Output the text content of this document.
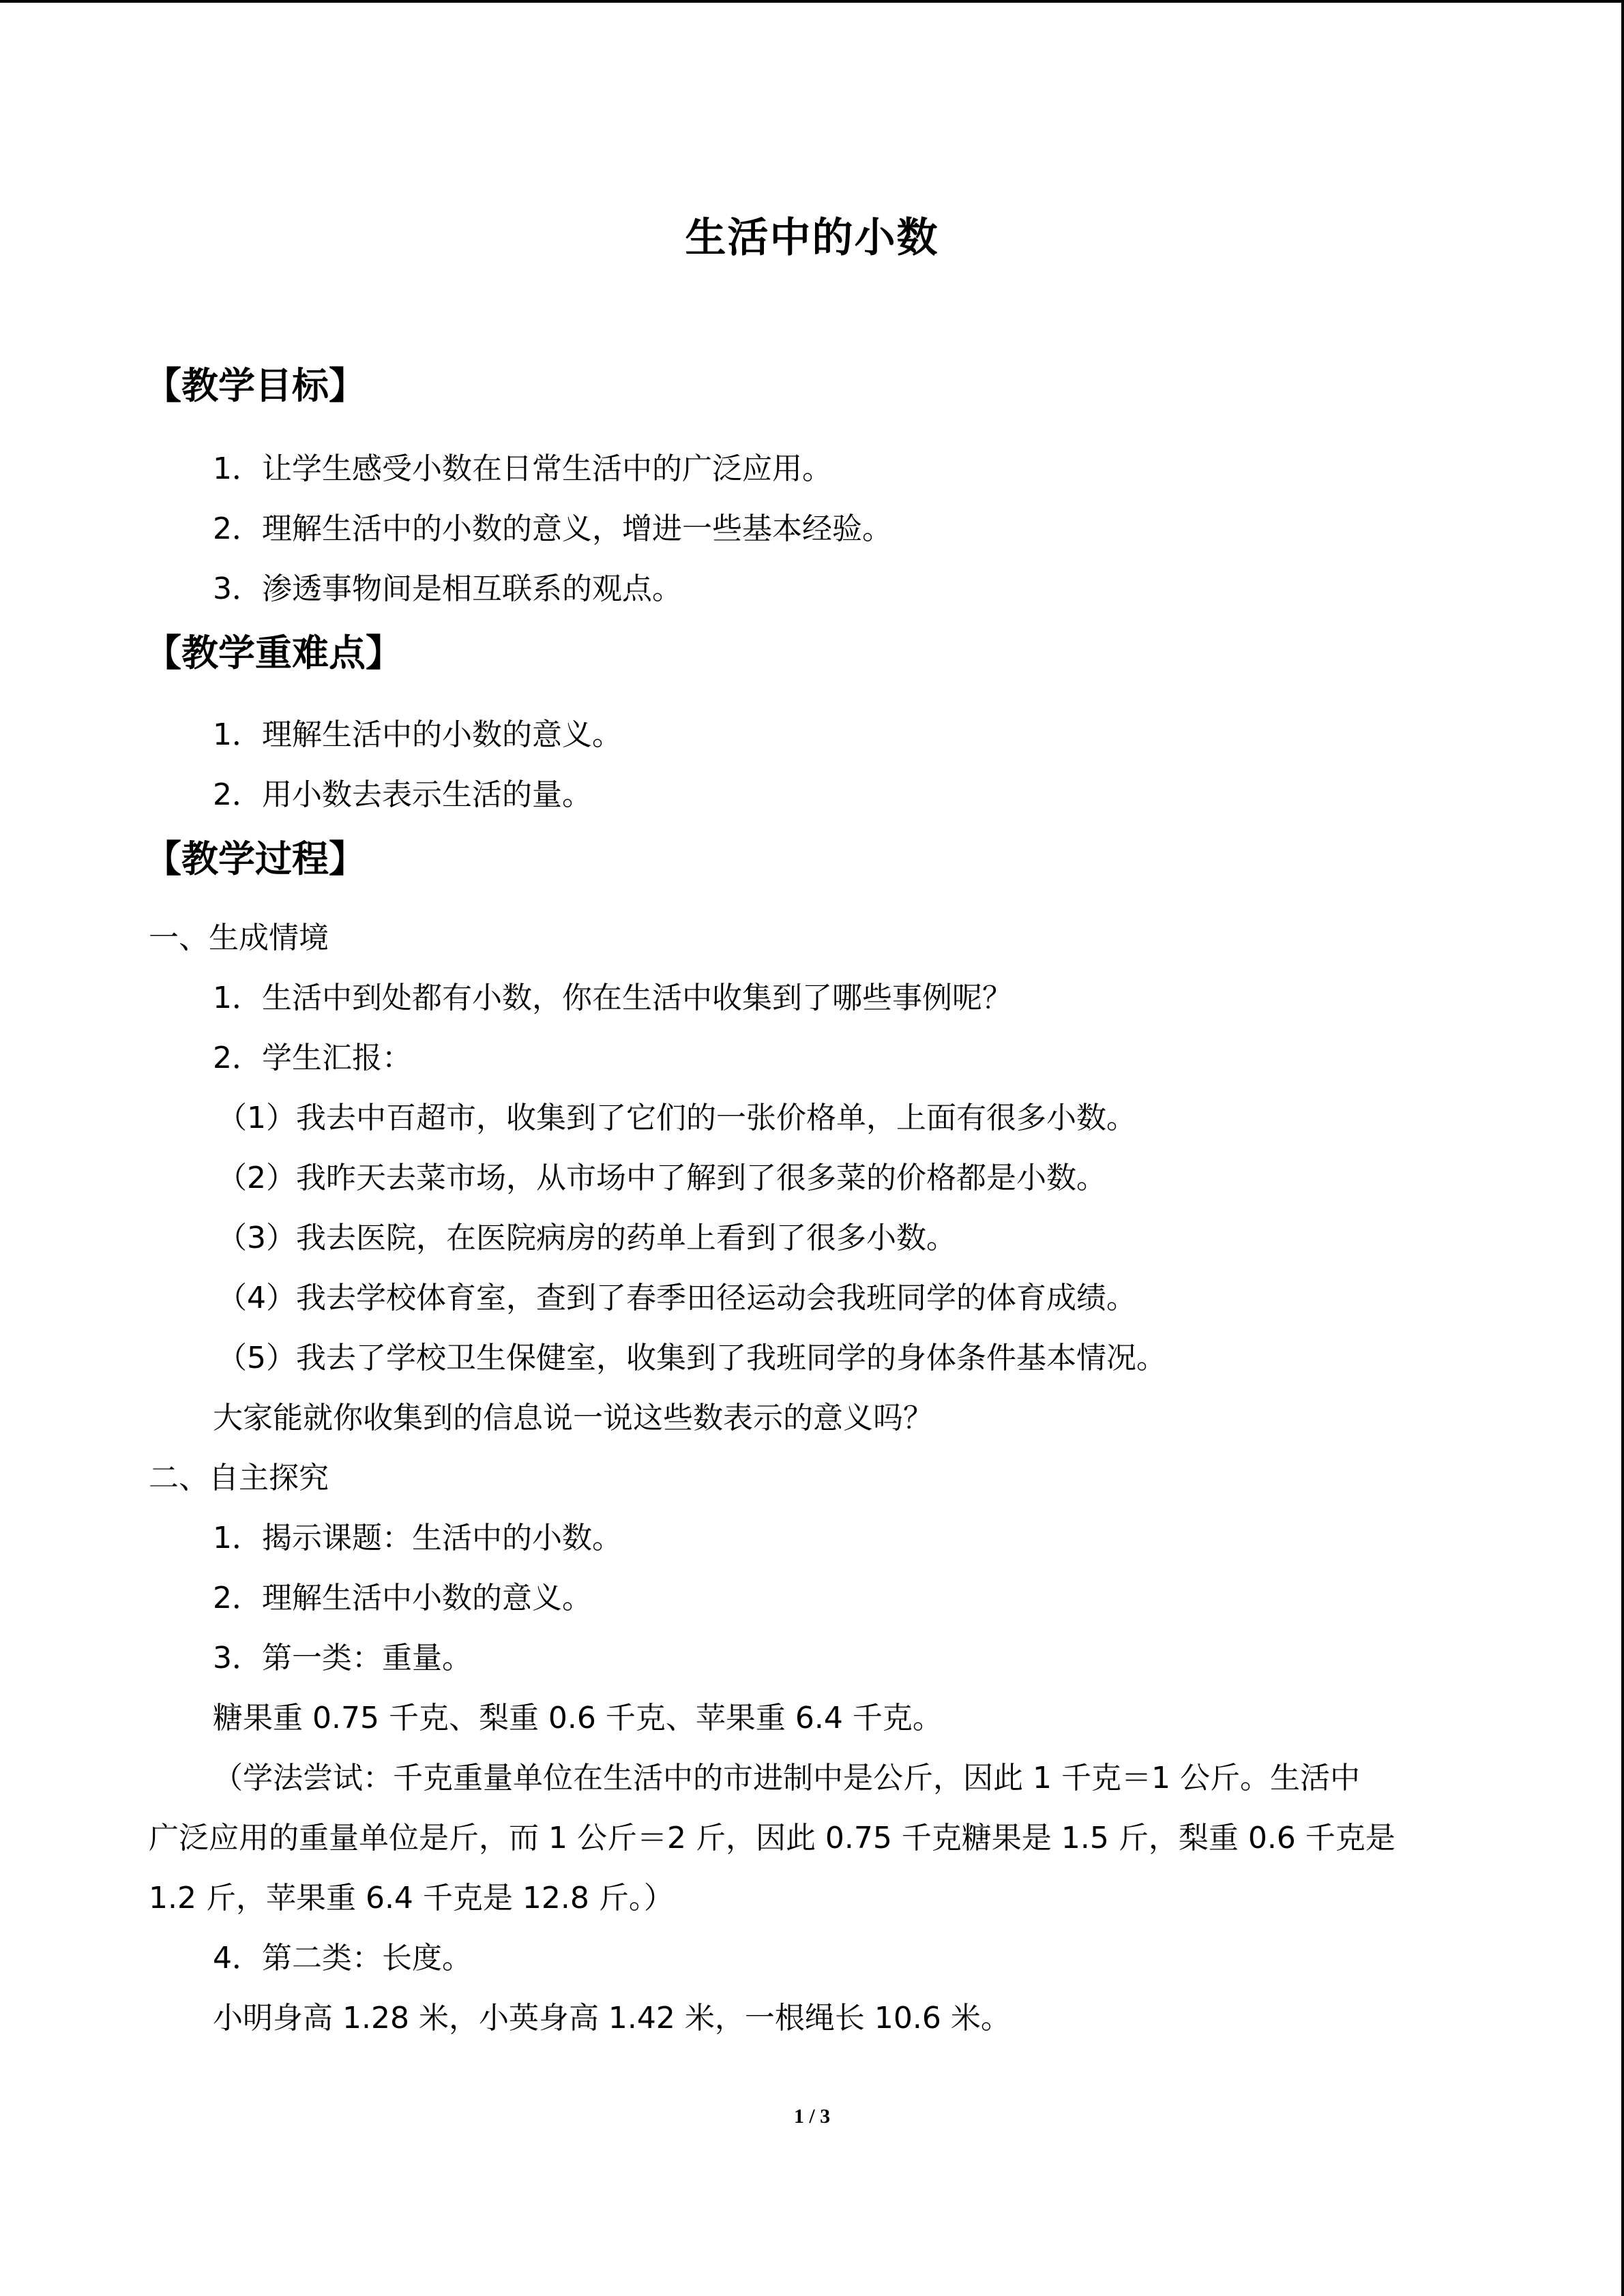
生活中的小数
【教学目标】
1．让学生感受小数在日常生活中的广泛应用。
2．理解生活中的小数的意义，增进一些基本经验。
3．渗透事物间是相互联系的观点。
【教学重难点】
1．理解生活中的小数的意义。
2．用小数去表示生活的量。
【教学过程】
一、生成情境
1．生活中到处都有小数，你在生活中收集到了哪些事例呢？
2．学生汇报：
（1）我去中百超市，收集到了它们的一张价格单，上面有很多小数。
（2）我昨天去菜市场，从市场中了解到了很多菜的价格都是小数。
（3）我去医院，在医院病房的药单上看到了很多小数。
（4）我去学校体育室，查到了春季田径运动会我班同学的体育成绩。
（5）我去了学校卫生保健室，收集到了我班同学的身体条件基本情况。
大家能就你收集到的信息说一说这些数表示的意义吗？
二、自主探究
1．揭示课题：生活中的小数。
2．理解生活中小数的意义。
3．第一类：重量。
糖果重 0.75 千克、梨重 0.6 千克、苹果重 6.4 千克。
（学法尝试：千克重量单位在生活中的市进制中是公斤，因此 1 千克＝1 公斤。生活中
广泛应用的重量单位是斤，而 1 公斤＝2 斤，因此 0.75 千克糖果是 1.5 斤，梨重 0.6 千克是
1.2 斤，苹果重 6.4 千克是 12.8 斤。）
4．第二类：长度。
小明身高 1.28 米，小英身高 1.42 米，一根绳长 10.6 米。
1 / 3
